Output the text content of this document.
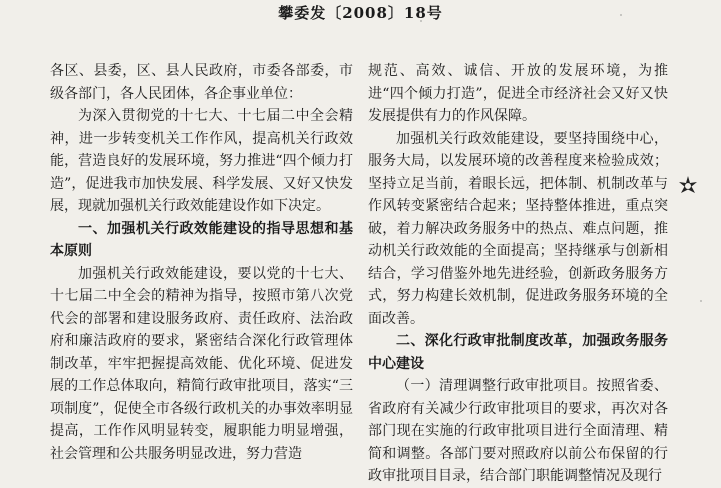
攀委发〔2008〕18号

各区、县委，区、县人民政府，市委各部委，市级各部门，各人民团体，各企事业单位：

为深入贯彻党的十七大、十七届二中全会精神，进一步转变机关工作作风，提高机关行政效能，营造良好的发展环境，努力推进“四个倾力打造”，促进我市加快发展、科学发展、又好又快发展，现就加强机关行政效能建设作如下决定。

一、加强机关行政效能建设的指导思想和基本原则

加强机关行政效能建设，要以党的十七大、十七届二中全会的精神为指导，按照市第八次党代会的部署和建设服务政府、责任政府、法治政府和廉洁政府的要求，紧密结合深化行政管理体制改革，牢牢把握提高效能、优化环境、促进发展的工作总体取向，精简行政审批项目，落实“三项制度”，促使全市各级行政机关的办事效率明显提高，工作作风明显转变，履职能力明显增强，社会管理和公共服务明显改进，努力营造

规范、高效、诚信、开放的发展环境，为推进“四个倾力打造”，促进全市经济社会又好又快发展提供有力的作风保障。

加强机关行政效能建设，要坚持围绕中心，服务大局，以发展环境的改善程度来检验成效；坚持立足当前，着眼长远，把体制、机制改革与作风转变紧密结合起来；坚持整体推进，重点突破，着力解决政务服务中的热点、难点问题，推动机关行政效能的全面提高；坚持继承与创新相结合，学习借鉴外地先进经验，创新政务服务方式，努力构建长效机制，促进政务服务环境的全面改善。

二、深化行政审批制度改革，加强政务服务中心建设

（一）清理调整行政审批项目。按照省委、省政府有关减少行政审批项目的要求，再次对各部门现在实施的行政审批项目进行全面清理、精简和调整。各部门要对照政府以前公布保留的行政审批项目目录，结合部门职能调整情况及现行
